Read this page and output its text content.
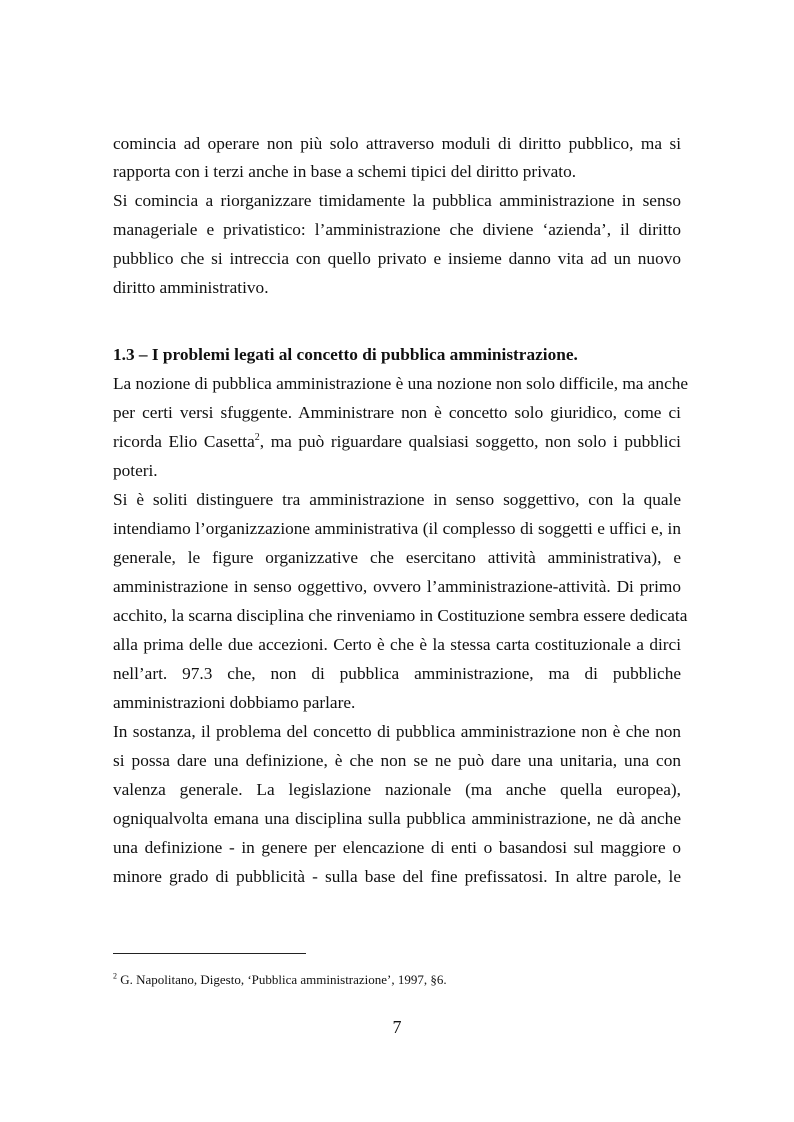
comincia ad operare non più solo attraverso moduli di diritto pubblico, ma si
rapporta con i terzi anche in base a schemi tipici del diritto privato.
Si comincia a riorganizzare timidamente la pubblica amministrazione in senso
manageriale e privatistico: l’amministrazione che diviene ‘azienda’, il diritto
pubblico che si intreccia con quello privato e insieme danno vita ad un nuovo
diritto amministrativo.
1.3 – I problemi legati al concetto di pubblica amministrazione.
La nozione di pubblica amministrazione è una nozione non solo difficile, ma anche
per certi versi sfuggente. Amministrare non è concetto solo giuridico, come ci
ricorda Elio Casetta$^2$, ma può riguardare qualsiasi soggetto, non solo i pubblici
poteri.
Si è soliti distinguere tra amministrazione in senso soggettivo, con la quale
intendiamo l’organizzazione amministrativa (il complesso di soggetti e uffici e, in
generale, le figure organizzative che esercitano attività amministrativa), e
amministrazione in senso oggettivo, ovvero l’amministrazione-attività. Di primo
acchito, la scarna disciplina che rinveniamo in Costituzione sembra essere dedicata
alla prima delle due accezioni. Certo è che è la stessa carta costituzionale a dirci
nell’art. 97.3 che, non di pubblica amministrazione, ma di pubbliche
amministrazioni dobbiamo parlare.
In sostanza, il problema del concetto di pubblica amministrazione non è che non
si possa dare una definizione, è che non se ne può dare una unitaria, una con
valenza generale. La legislazione nazionale (ma anche quella europea),
ogniqualvolta emana una disciplina sulla pubblica amministrazione, ne dà anche
una definizione - in genere per elencazione di enti o basandosi sul maggiore o
minore grado di pubblicità - sulla base del fine prefissatosi. In altre parole, le
$^2$ G. Napolitano, Digesto, ‘Pubblica amministrazione’, 1997, §6.
7
